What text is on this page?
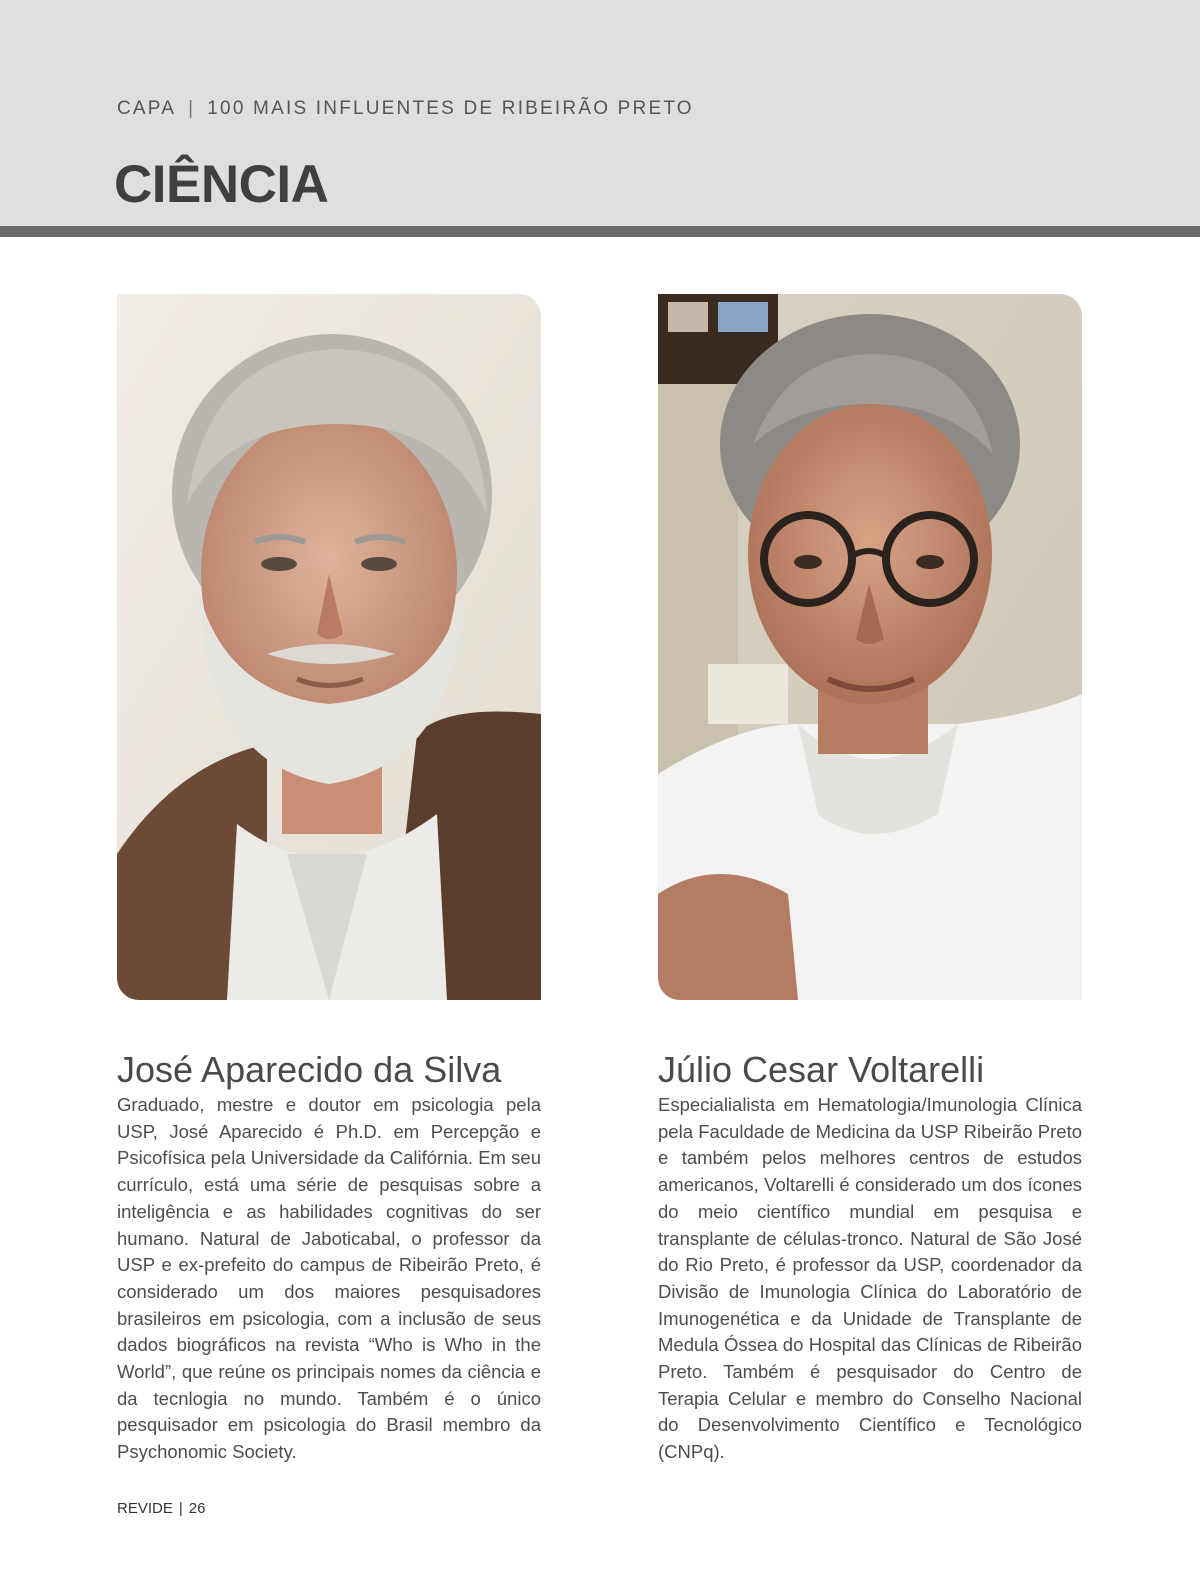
CAPA | 100 MAIS INFLUENTES DE RIBEIRÃO PRETO
CIÊNCIA
José Aparecido da Silva
Graduado, mestre e doutor em psicologia pela USP, José Aparecido é Ph.D. em Percepção e Psicofísica pela Universidade da Califórnia. Em seu currículo, está uma série de pesquisas sobre a inteligência e as habilidades cognitivas do ser humano. Natural de Jaboticabal, o professor da USP e ex-prefeito do campus de Ribeirão Preto, é considerado um dos maiores pesquisadores brasileiros em psicologia, com a inclusão de seus dados biográficos na revista “Who is Who in the World”, que reúne os principais nomes da ciência e da tecnlogia no mundo. Também é o único pesquisador em psicologia do Brasil membro da Psychonomic Society.
Júlio Cesar Voltarelli
Especialialista em Hematologia/Imunologia Clínica pela Faculdade de Medicina da USP Ribeirão Preto e também pelos melhores centros de estudos americanos, Voltarelli é considerado um dos ícones do meio científico mundial em pesquisa e transplante de células-tronco. Natural de São José do Rio Preto, é professor da USP, coordenador da Divisão de Imunologia Clínica do Laboratório de Imunogenética e da Unidade de Transplante de Medula Óssea do Hospital das Clínicas de Ribeirão Preto. Também é pesquisador do Centro de Terapia Celular e membro do Conselho Nacional do Desenvolvimento Científico e Tecnológico (CNPq).
REVIDE | 26
